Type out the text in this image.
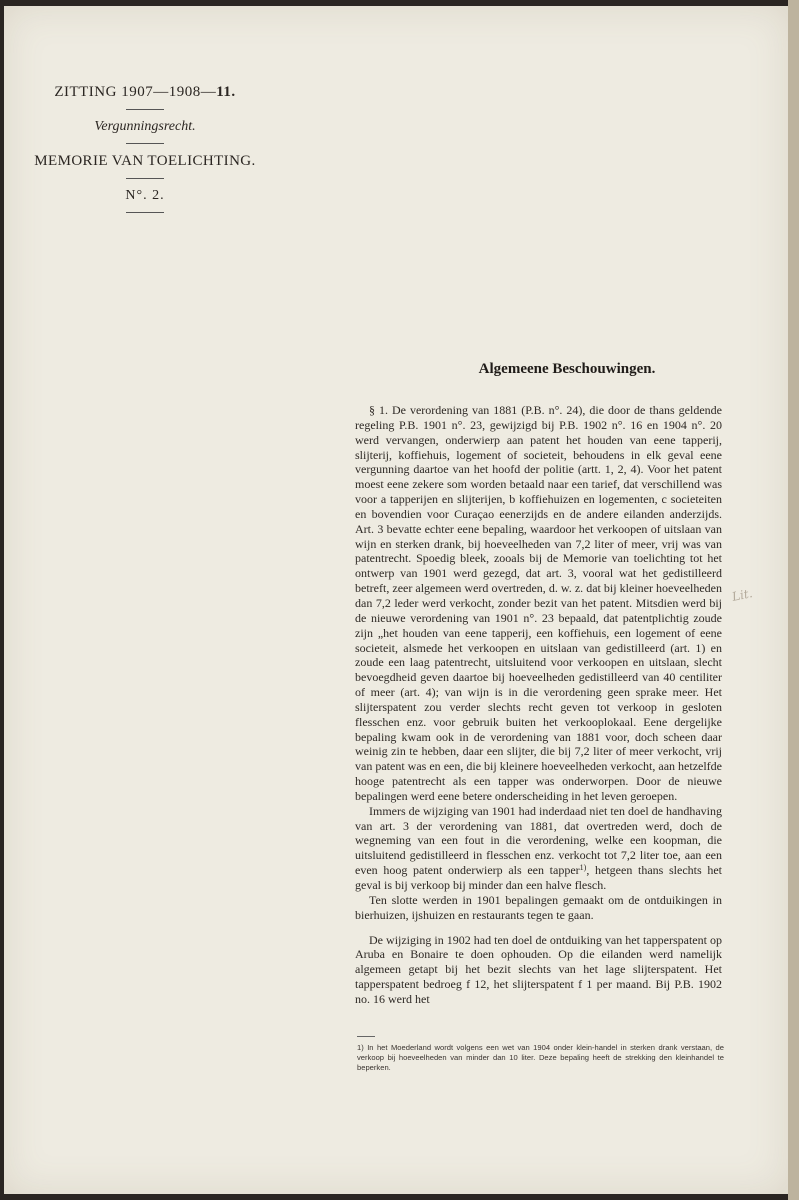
ZITTING 1907—1908—11.

Vergunningsrecht.

MEMORIE VAN TOELICHTING.

N°. 2.

Algemeene Beschouwingen.

§ 1. De verordening van 1881 (P.B. n°. 24), die door de thans geldende regeling P.B. 1901 n°. 23, gewijzigd bij P.B. 1902 n°. 16 en 1904 n°. 20 werd vervangen, onderwierp aan patent het houden van eene tapperij, slijterij, koffiehuis, logement of societeit, behoudens in elk geval eene vergunning daartoe van het hoofd der politie (artt. 1, 2, 4). Voor het patent moest eene zekere som worden betaald naar een tarief, dat verschillend was voor a tapperijen en slijterijen, b koffiehuizen en logementen, c societeiten en bovendien voor Curaçao eenerzijds en de andere eilanden anderzijds. Art. 3 bevatte echter eene bepaling, waardoor het verkoopen of uitslaan van wijn en sterken drank, bij hoeveelheden van 7,2 liter of meer, vrij was van patentrecht. Spoedig bleek, zooals bij de Memorie van toelichting tot het ontwerp van 1901 werd gezegd, dat art. 3, vooral wat het gedistilleerd betreft, zeer algemeen werd overtreden, d. w. z. dat bij kleiner hoeveelheden dan 7,2 leder werd verkocht, zonder bezit van het patent. Mitsdien werd bij de nieuwe verordening van 1901 n°. 23 bepaald, dat patentplichtig zoude zijn „het houden van eene tapperij, een koffiehuis, een logement of eene societeit, alsmede het verkoopen en uitslaan van gedistilleerd (art. 1) en zoude een laag patentrecht, uitsluitend voor verkoopen en uitslaan, slecht bevoegdheid geven daartoe bij hoeveelheden gedistilleerd van 40 centiliter of meer (art. 4); van wijn is in die verordening geen sprake meer. Het slijterspatent zou verder slechts recht geven tot verkoop in gesloten flesschen enz. voor gebruik buiten het verkooplokaal. Eene dergelijke bepaling kwam ook in de verordening van 1881 voor, doch scheen daar weinig zin te hebben, daar een slijter, die bij 7,2 liter of meer verkocht, vrij van patent was en een, die bij kleinere hoeveelheden verkocht, aan hetzelfde hooge patentrecht als een tapper was onderworpen. Door de nieuwe bepalingen werd eene betere onderscheiding in het leven geroepen.

Immers de wijziging van 1901 had inderdaad niet ten doel de handhaving van art. 3 der verordening van 1881, dat overtreden werd, doch de wegneming van een fout in die verordening, welke een koopman, die uitsluitend gedistilleerd in flesschen enz. verkocht tot 7,2 liter toe, aan een even hoog patent onderwierp als een tapper$^{1)}$, hetgeen thans slechts het geval is bij verkoop bij minder dan een halve flesch.

Ten slotte werden in 1901 bepalingen gemaakt om de ontduikingen in bierhuizen, ijshuizen en restaurants tegen te gaan.

De wijziging in 1902 had ten doel de ontduiking van het tapperspatent op Aruba en Bonaire te doen ophouden. Op die eilanden werd namelijk algemeen getapt bij het bezit slechts van het lage slijterspatent. Het tapperspatent bedroeg f 12, het slijterspatent f 1 per maand. Bij P.B. 1902 no. 16 werd het

1) In het Moederland wordt volgens een wet van 1904 onder klein-handel in sterken drank verstaan, de verkoop bij hoeveelheden van minder dan 10 liter. Deze bepaling heeft de strekking den kleinhandel te beperken.

Lit.
